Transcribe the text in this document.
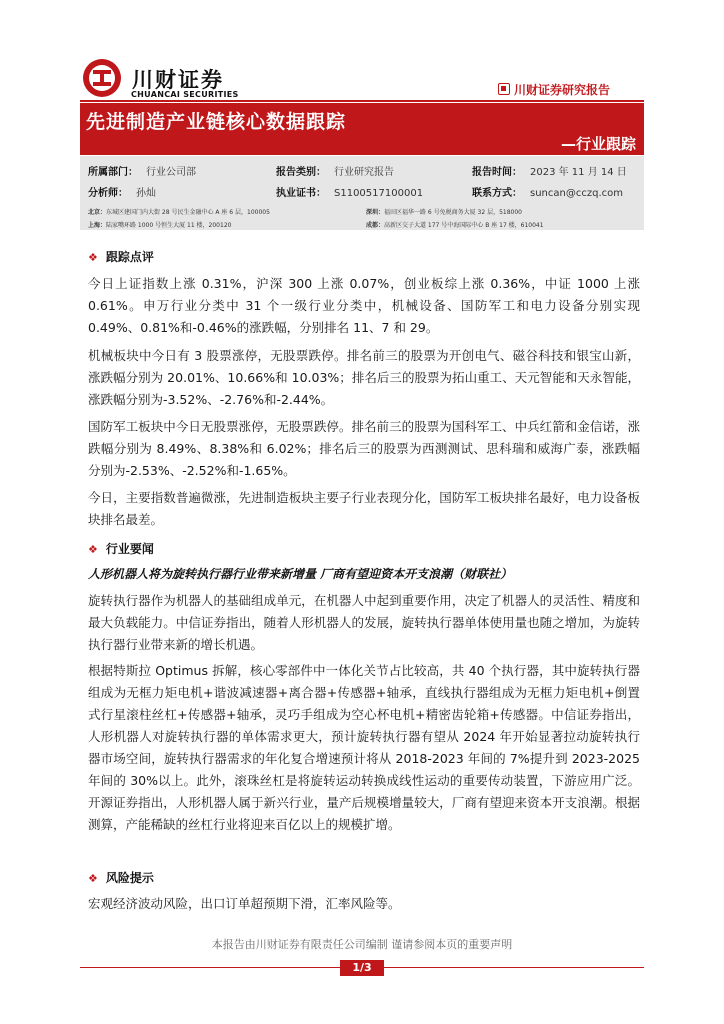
川财证券
CHUANCAI SECURITIES	川财证券研究报告
先进制造产业链核心数据跟踪
—行业跟踪
所属部门： 行业公司部	报告类别： 行业研究报告	报告时间： 2023 年 11 月 14 日
分析师： 孙灿	执业证书： S1100517100001	联系方式： suncan@cczq.com
北京：东城区建国门内大街 28 号民生金融中心 A 座 6 层，100005	深圳：福田区福华一路 6 号免税商务大厦 32 层，518000
上海：陆家嘴环路 1000 号恒生大厦 11 楼，200120	成都：高新区交子大道 177 号中海国际中心 B 座 17 楼，610041
❖ 跟踪点评
今日上证指数上涨 0.31%，沪深 300 上涨 0.07%，创业板综上涨 0.36%，中证 1000 上涨 0.61%。申万行业分类中 31 个一级行业分类中，机械设备、国防军工和电力设备分别实现 0.49%、0.81%和-0.46%的涨跌幅，分别排名 11、7 和 29。
机械板块中今日有 3 股票涨停，无股票跌停。排名前三的股票为开创电气、磁谷科技和银宝山新，涨跌幅分别为 20.01%、10.66%和 10.03%；排名后三的股票为拓山重工、天元智能和天永智能，涨跌幅分别为-3.52%、-2.76%和-2.44%。
国防军工板块中今日无股票涨停，无股票跌停。排名前三的股票为国科军工、中兵红箭和金信诺，涨跌幅分别为 8.49%、8.38%和 6.02%；排名后三的股票为西测测试、思科瑞和威海广泰，涨跌幅分别为-2.53%、-2.52%和-1.65%。
今日，主要指数普遍微涨，先进制造板块主要子行业表现分化，国防军工板块排名最好，电力设备板块排名最差。
❖ 行业要闻
人形机器人将为旋转执行器行业带来新增量 厂商有望迎资本开支浪潮（财联社）
旋转执行器作为机器人的基础组成单元，在机器人中起到重要作用，决定了机器人的灵活性、精度和最大负载能力。中信证券指出，随着人形机器人的发展，旋转执行器单体使用量也随之增加，为旋转执行器行业带来新的增长机遇。
根据特斯拉 Optimus 拆解，核心零部件中一体化关节占比较高，共 40 个执行器，其中旋转执行器组成为无框力矩电机+谐波减速器+离合器+传感器+轴承，直线执行器组成为无框力矩电机+倒置式行星滚柱丝杠+传感器+轴承，灵巧手组成为空心杯电机+精密齿轮箱+传感器。中信证券指出，人形机器人对旋转执行器的单体需求更大，预计旋转执行器有望从 2024 年开始显著拉动旋转执行器市场空间，旋转执行器需求的年化复合增速预计将从 2018-2023 年间的 7%提升到 2023-2025 年间的 30%以上。此外，滚珠丝杠是将旋转运动转换成线性运动的重要传动装置，下游应用广泛。开源证券指出，人形机器人属于新兴行业，量产后规模增量较大，厂商有望迎来资本开支浪潮。根据测算，产能稀缺的丝杠行业将迎来百亿以上的规模扩增。
❖ 风险提示
宏观经济波动风险，出口订单超预期下滑，汇率风险等。
本报告由川财证券有限责任公司编制 谨请参阅本页的重要声明
1/3
